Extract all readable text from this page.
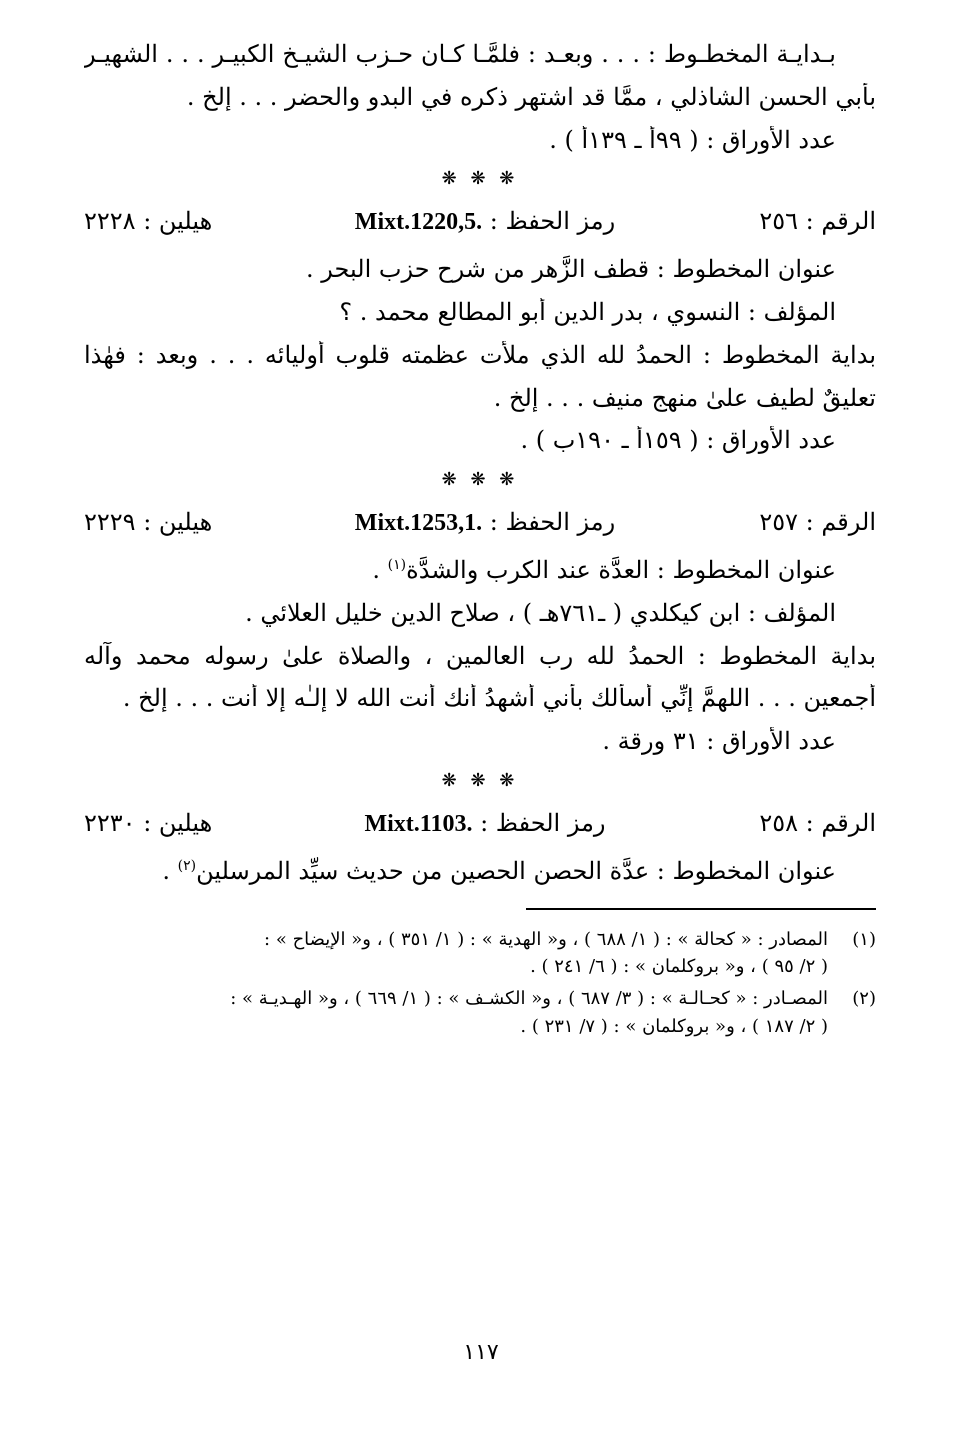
بـدايـة المخطـوط : . . . وبعـد : فلمَّـا كـان حـزب الشيـخ الكبيـر . . . الشهيـر

بأبي الحسن الشاذلي ، ممَّا قد اشتهر ذكره في البدو والحضر . . . إلخ .

عدد الأوراق : ( ٩٩أ ـ ١٣٩أ ) .

❋ ❋ ❋
الرقم : ٢٥٦
رمز الحفظ : Mixt.1220,5.
هيلين : ٢٢٢٨

عنوان المخطوط : قطف الزَّهر من شرح حزب البحر .

المؤلف : النسوي ، بدر الدين أبو المطالع محمد . ؟

بداية المخطوط : الحمدُ لله الذي ملأت عظمته قلوب أوليائه . . . وبعد : فهٰذا

تعليقٌ لطيف علىٰ منهج منيف . . . إلخ .

عدد الأوراق : ( ١٥٩أ ـ ١٩٠ب ) .

❋ ❋ ❋
الرقم : ٢٥٧
رمز الحفظ : Mixt.1253,1.
هيلين : ٢٢٢٩

عنوان المخطوط : العدَّة عند الكرب والشدَّة$^{(١)}$ .

المؤلف : ابن كيكلدي ( ـ٧٦١هـ ) ، صلاح الدين خليل العلائي .

بداية المخطوط : الحمدُ لله رب العالمين ، والصلاة علىٰ رسوله محمد وآله

أجمعين . . . اللهمَّ إنِّي أسألك بأني أشهدُ أنك أنت الله لا إلـٰه إلا أنت . . . إلخ .

عدد الأوراق : ٣١ ورقة .

❋ ❋ ❋
الرقم : ٢٥٨
رمز الحفظ : Mixt.1103.
هيلين : ٢٢٣٠

عنوان المخطوط : عدَّة الحصن الحصين من حديث سيِّد المرسلين$^{(٢)}$ .

(١)
المصادر : « كحالة » : ( ١/ ٦٨٨ ) ، و« الهدية » : ( ١/ ٣٥١ ) ، و« الإيضاح » :
( ٢/ ٩٥ ) ، و« بروكلمان » : ( ٦/ ٢٤١ ) .
(٢)
المصـادر : « كحـالـة » : ( ٣/ ٦٨٧ ) ، و« الكشـف » : ( ١/ ٦٦٩ ) ، و« الهـديـة » :
( ٢/ ١٨٧ ) ، و« بروكلمان » : ( ٧/ ٢٣١ ) .
١١٧
